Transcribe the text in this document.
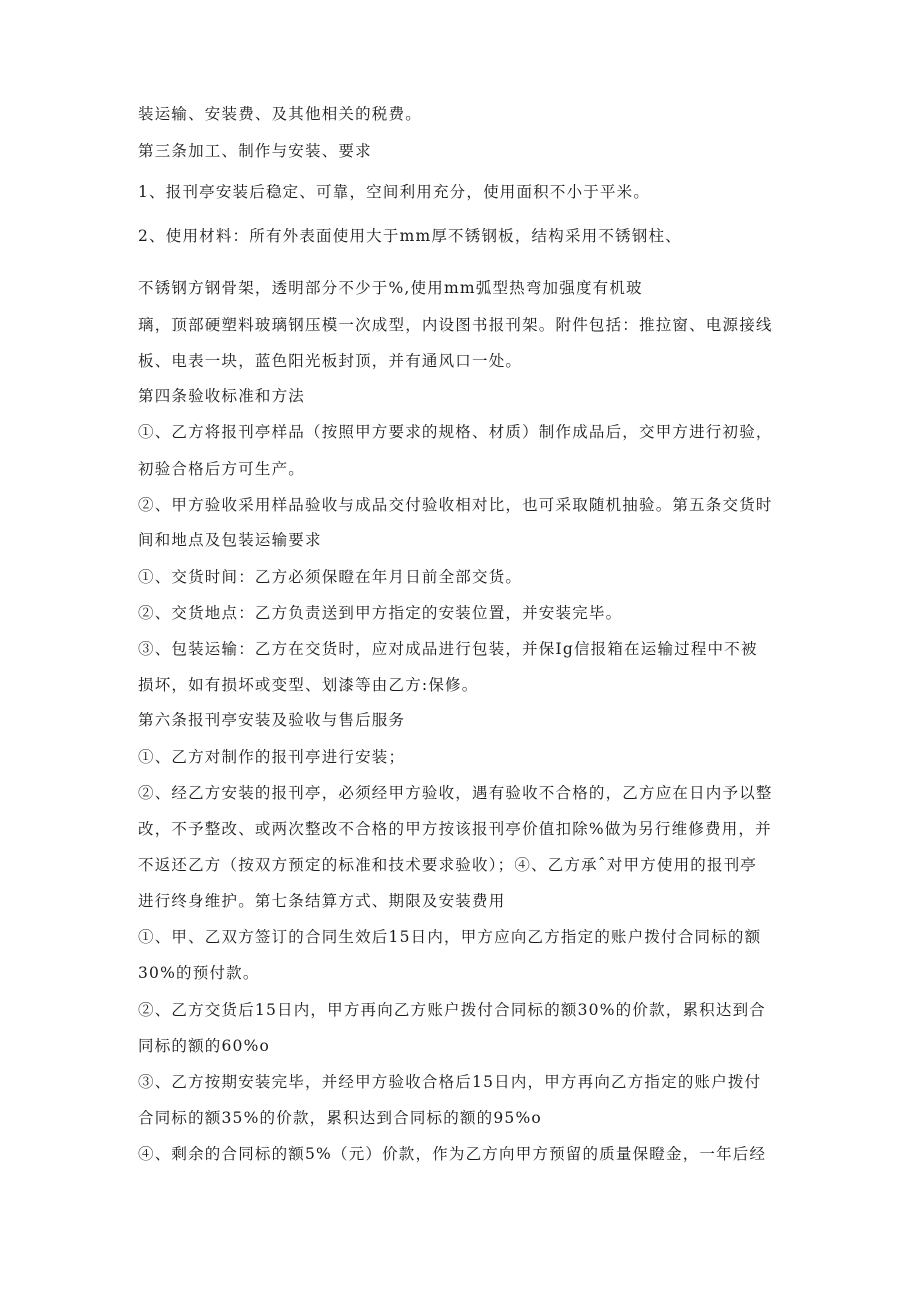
装运输、安装费、及其他相关的税费。
第三条加工、制作与安装、要求
1、报刊亭安装后稳定、可靠，空间利用充分，使用面积不小于平米。
2、使用材料：所有外表面使用大于mm厚不锈钢板，结构采用不锈钢柱、
不锈钢方钢骨架，透明部分不少于%,使用mm弧型热弯加强度有机玻
璃，顶部硬塑料玻璃钢压模一次成型，内设图书报刊架。附件包括：推拉窗、电源接线
板、电表一块，蓝色阳光板封顶，并有通风口一处。
第四条验收标准和方法
①、乙方将报刊亭样品（按照甲方要求的规格、材质）制作成品后，交甲方进行初验，
初验合格后方可生产。
②、甲方验收采用样品验收与成品交付验收相对比，也可采取随机抽验。第五条交货时
间和地点及包装运输要求
①、交货时间：乙方必须保瞪在年月日前全部交货。
②、交货地点：乙方负责送到甲方指定的安装位置，并安装完毕。
③、包装运输：乙方在交货时，应对成品进行包装，并保Ig信报箱在运输过程中不被
损坏，如有损坏或变型、划漆等由乙方:保修。
第六条报刊亭安装及验收与售后服务
①、乙方对制作的报刊亭进行安装；
②、经乙方安装的报刊亭，必须经甲方验收，遇有验收不合格的，乙方应在日内予以整
改，不予整改、或两次整改不合格的甲方按该报刊亭价值扣除%做为另行维修费用，并
不返还乙方（按双方预定的标准和技术要求验收）；④、乙方承ˆ对甲方使用的报刊亭
进行终身维护。第七条结算方式、期限及安装费用
①、甲、乙双方签订的合同生效后15日内，甲方应向乙方指定的账户拨付合同标的额
30%的预付款。
②、乙方交货后15日内，甲方再向乙方账户拨付合同标的额30%的价款，累积达到合
同标的额的60%o
③、乙方按期安装完毕，并经甲方验收合格后15日内，甲方再向乙方指定的账户拨付
合同标的额35%的价款，累积达到合同标的额的95%o
④、剩余的合同标的额5%（元）价款，作为乙方向甲方预留的质量保瞪金，一年后经
